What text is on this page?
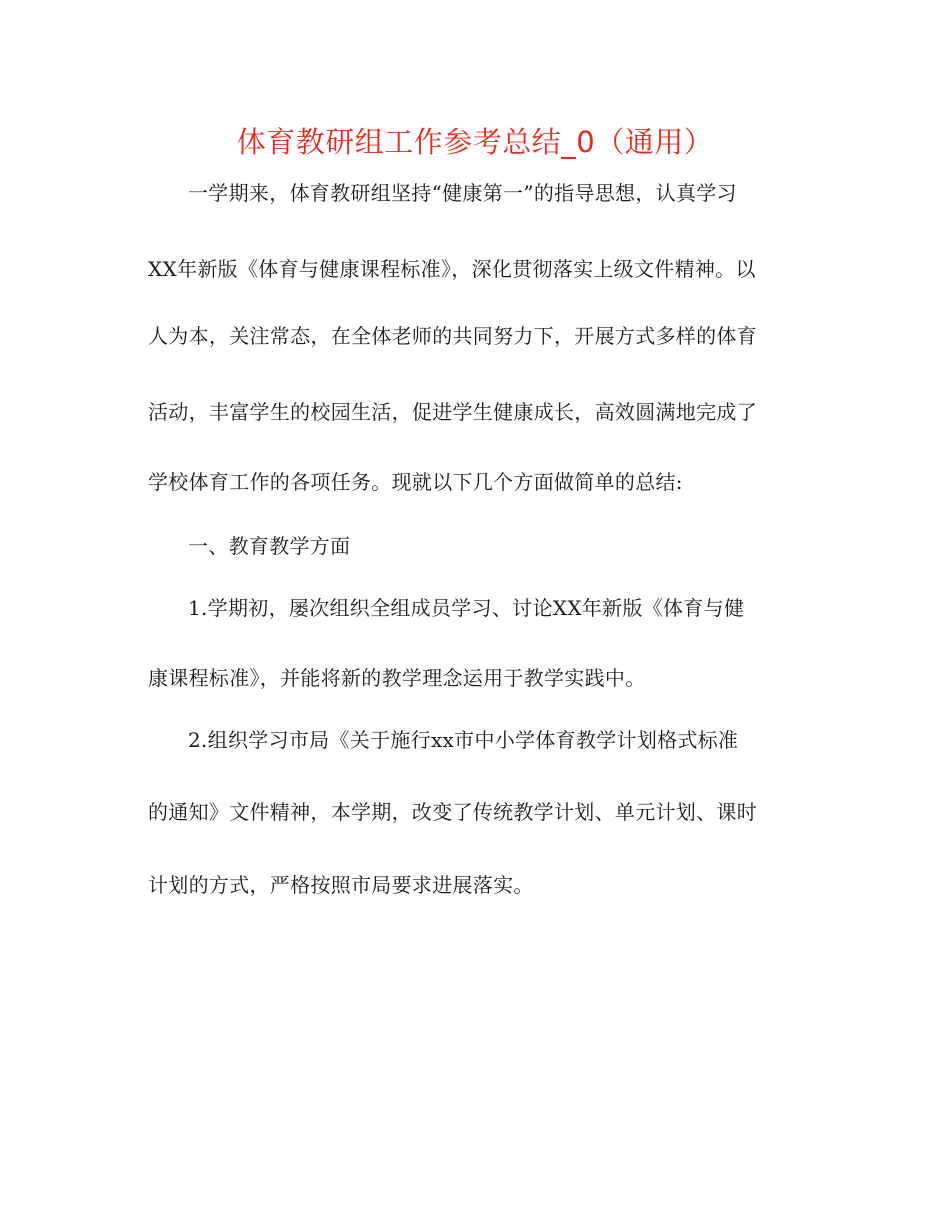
体育教研组工作参考总结_0（通用）
一学期来，体育教研组坚持“健康第一”的指导思想，认真学习
XX年新版《体育与健康课程标准》，深化贯彻落实上级文件精神。以
人为本，关注常态，在全体老师的共同努力下，开展方式多样的体育
活动，丰富学生的校园生活，促进学生健康成长，高效圆满地完成了
学校体育工作的各项任务。现就以下几个方面做简单的总结:
一、教育教学方面
1.学期初，屡次组织全组成员学习、讨论XX年新版《体育与健
康课程标准》，并能将新的教学理念运用于教学实践中。
2.组织学习市局《关于施行xx市中小学体育教学计划格式标准
的通知》文件精神，本学期，改变了传统教学计划、单元计划、课时
计划的方式，严格按照市局要求进展落实。
